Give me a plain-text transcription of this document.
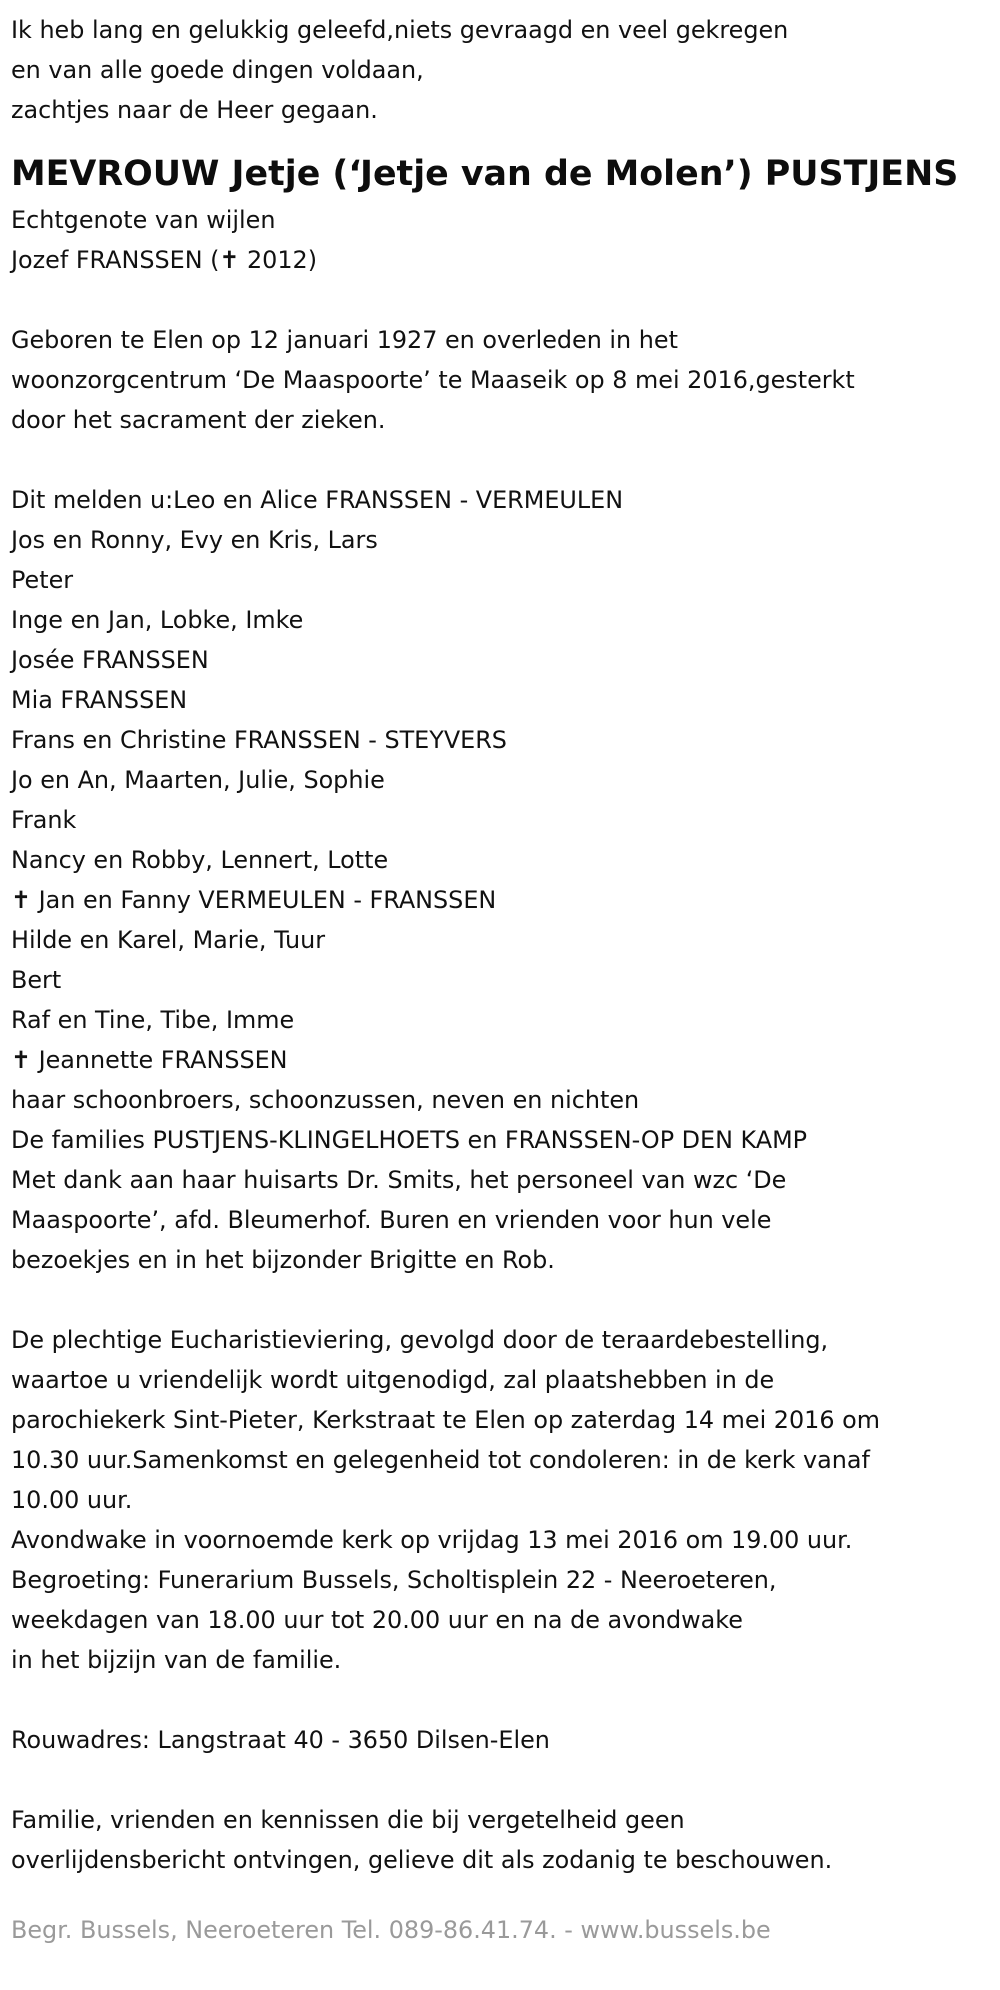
Ik heb lang en gelukkig geleefd,niets gevraagd en veel gekregen
en van alle goede dingen voldaan,
zachtjes naar de Heer gegaan.
MEVROUW Jetje (‘Jetje van de Molen’) PUSTJENS
Echtgenote van wijlen
Jozef FRANSSEN (✝ 2012)
Geboren te Elen op 12 januari 1927 en overleden in het
woonzorgcentrum ‘De Maaspoorte’ te Maaseik op 8 mei 2016,gesterkt
door het sacrament der zieken.
Dit melden u:Leo en Alice FRANSSEN - VERMEULEN
Jos en Ronny, Evy en Kris, Lars
Peter
Inge en Jan, Lobke, Imke
Josée FRANSSEN
Mia FRANSSEN
Frans en Christine FRANSSEN - STEYVERS
Jo en An, Maarten, Julie, Sophie
Frank
Nancy en Robby, Lennert, Lotte
✝ Jan en Fanny VERMEULEN - FRANSSEN
Hilde en Karel, Marie, Tuur
Bert
Raf en Tine, Tibe, Imme
✝ Jeannette FRANSSEN
haar schoonbroers, schoonzussen, neven en nichten
De families PUSTJENS-KLINGELHOETS en FRANSSEN-OP DEN KAMP
Met dank aan haar huisarts Dr. Smits, het personeel van wzc ‘De
Maaspoorte’, afd. Bleumerhof. Buren en vrienden voor hun vele
bezoekjes en in het bijzonder Brigitte en Rob.
De plechtige Eucharistieviering, gevolgd door de teraardebestelling,
waartoe u vriendelijk wordt uitgenodigd, zal plaatshebben in de
parochiekerk Sint-Pieter, Kerkstraat te Elen op zaterdag 14 mei 2016 om
10.30 uur.Samenkomst en gelegenheid tot condoleren: in de kerk vanaf
10.00 uur.
Avondwake in voornoemde kerk op vrijdag 13 mei 2016 om 19.00 uur.
Begroeting: Funerarium Bussels, Scholtisplein 22 - Neeroeteren,
weekdagen van 18.00 uur tot 20.00 uur en na de avondwake
in het bijzijn van de familie.
Rouwadres: Langstraat 40 - 3650 Dilsen-Elen
Familie, vrienden en kennissen die bij vergetelheid geen
overlijdensbericht ontvingen, gelieve dit als zodanig te beschouwen.
Begr. Bussels, Neeroeteren Tel. 089-86.41.74. - www.bussels.be
